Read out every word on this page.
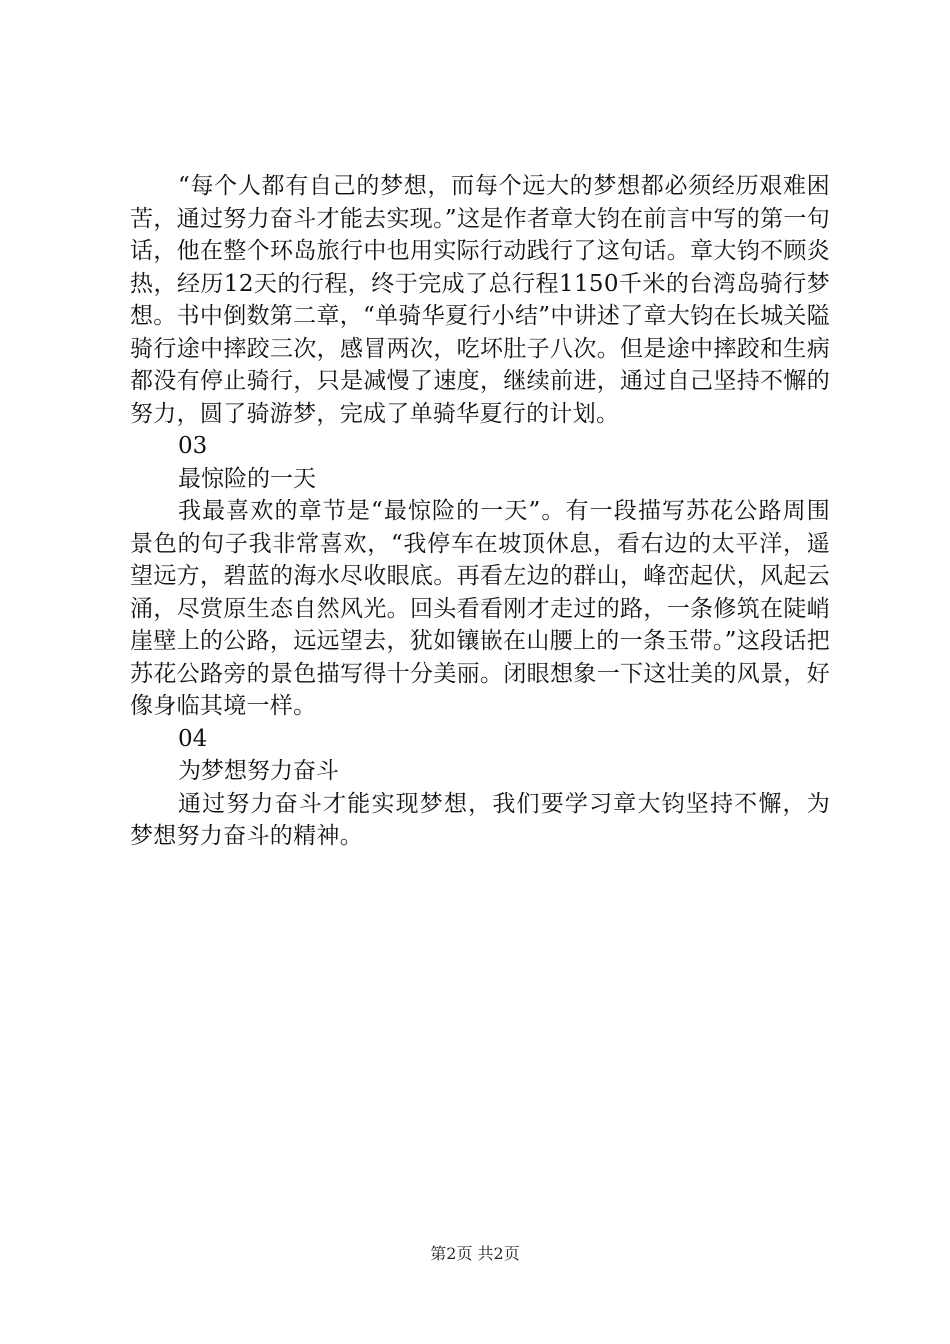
“每个人都有自己的梦想，而每个远大的梦想都必须经历艰难困苦，通过努力奋斗才能去实现。”这是作者章大钧在前言中写的第一句话，他在整个环岛旅行中也用实际行动践行了这句话。章大钧不顾炎热，经历12天的行程，终于完成了总行程1150千米的台湾岛骑行梦想。书中倒数第二章，“单骑华夏行小结”中讲述了章大钧在长城关隘骑行途中摔跤三次，感冒两次，吃坏肚子八次。但是途中摔跤和生病都没有停止骑行，只是减慢了速度，继续前进，通过自己坚持不懈的努力，圆了骑游梦，完成了单骑华夏行的计划。

03

最惊险的一天

我最喜欢的章节是“最惊险的一天”。有一段描写苏花公路周围景色的句子我非常喜欢，“我停车在坡顶休息，看右边的太平洋，遥望远方，碧蓝的海水尽收眼底。再看左边的群山，峰峦起伏，风起云涌，尽赏原生态自然风光。回头看看刚才走过的路，一条修筑在陡峭崖壁上的公路，远远望去，犹如镶嵌在山腰上的一条玉带。”这段话把苏花公路旁的景色描写得十分美丽。闭眼想象一下这壮美的风景，好像身临其境一样。

04

为梦想努力奋斗

通过努力奋斗才能实现梦想，我们要学习章大钧坚持不懈，为梦想努力奋斗的精神。

第2页 共2页
